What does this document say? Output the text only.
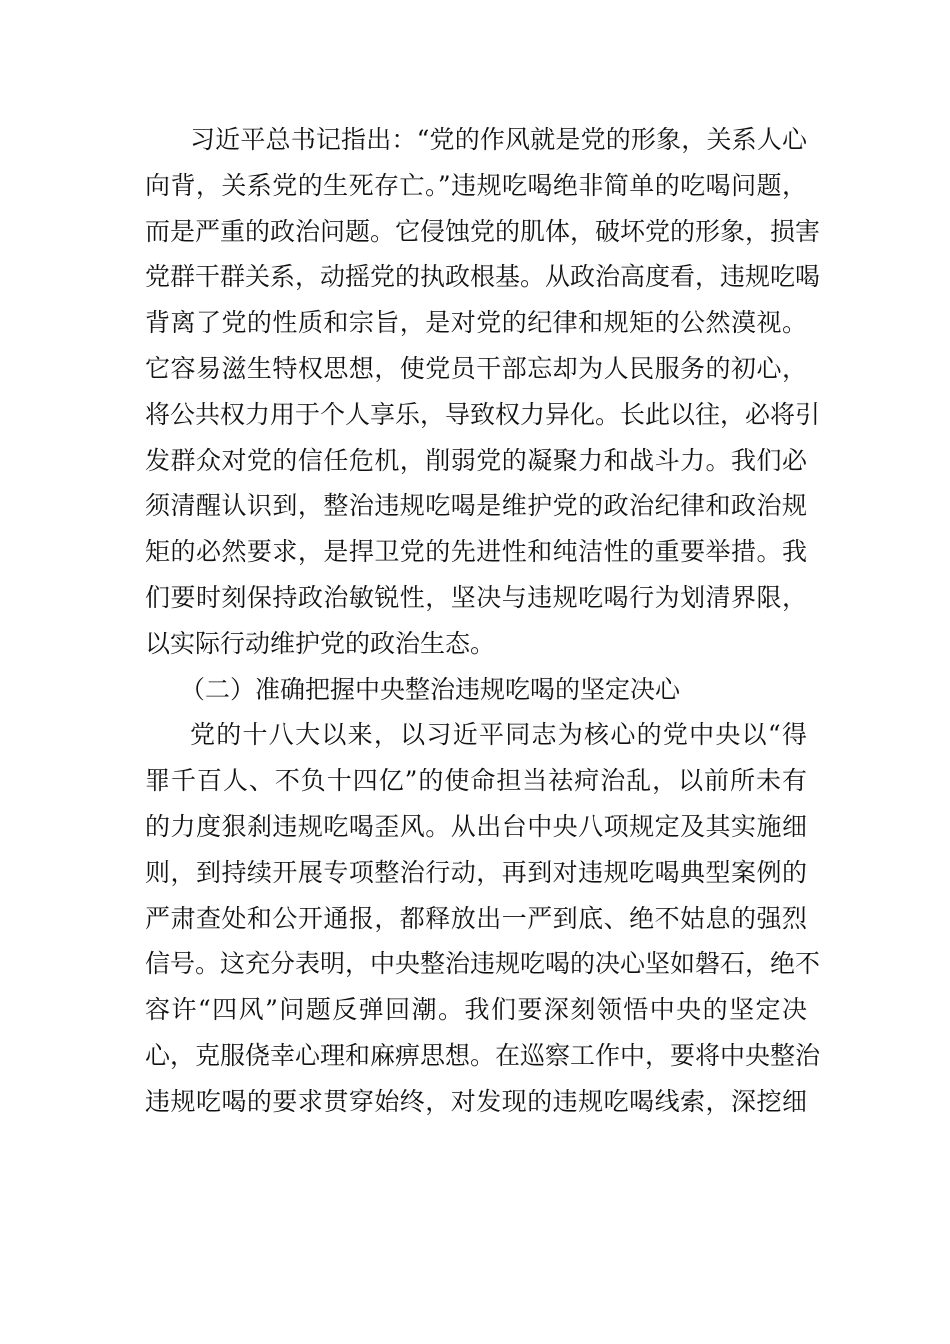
习近平总书记指出：“党的作风就是党的形象，关系人心
向背，关系党的生死存亡。”违规吃喝绝非简单的吃喝问题，
而是严重的政治问题。它侵蚀党的肌体，破坏党的形象，损害
党群干群关系，动摇党的执政根基。从政治高度看，违规吃喝
背离了党的性质和宗旨，是对党的纪律和规矩的公然漠视。
它容易滋生特权思想，使党员干部忘却为人民服务的初心，
将公共权力用于个人享乐，导致权力异化。长此以往，必将引
发群众对党的信任危机，削弱党的凝聚力和战斗力。我们必
须清醒认识到，整治违规吃喝是维护党的政治纪律和政治规
矩的必然要求，是捍卫党的先进性和纯洁性的重要举措。我
们要时刻保持政治敏锐性，坚决与违规吃喝行为划清界限，
以实际行动维护党的政治生态。
（二）准确把握中央整治违规吃喝的坚定决心
党的十八大以来，以习近平同志为核心的党中央以“得
罪千百人、不负十四亿”的使命担当祛疴治乱，以前所未有
的力度狠刹违规吃喝歪风。从出台中央八项规定及其实施细
则，到持续开展专项整治行动，再到对违规吃喝典型案例的
严肃查处和公开通报，都释放出一严到底、绝不姑息的强烈
信号。这充分表明，中央整治违规吃喝的决心坚如磐石，绝不
容许“四风”问题反弹回潮。我们要深刻领悟中央的坚定决
心，克服侥幸心理和麻痹思想。在巡察工作中，要将中央整治
违规吃喝的要求贯穿始终，对发现的违规吃喝线索，深挖细
